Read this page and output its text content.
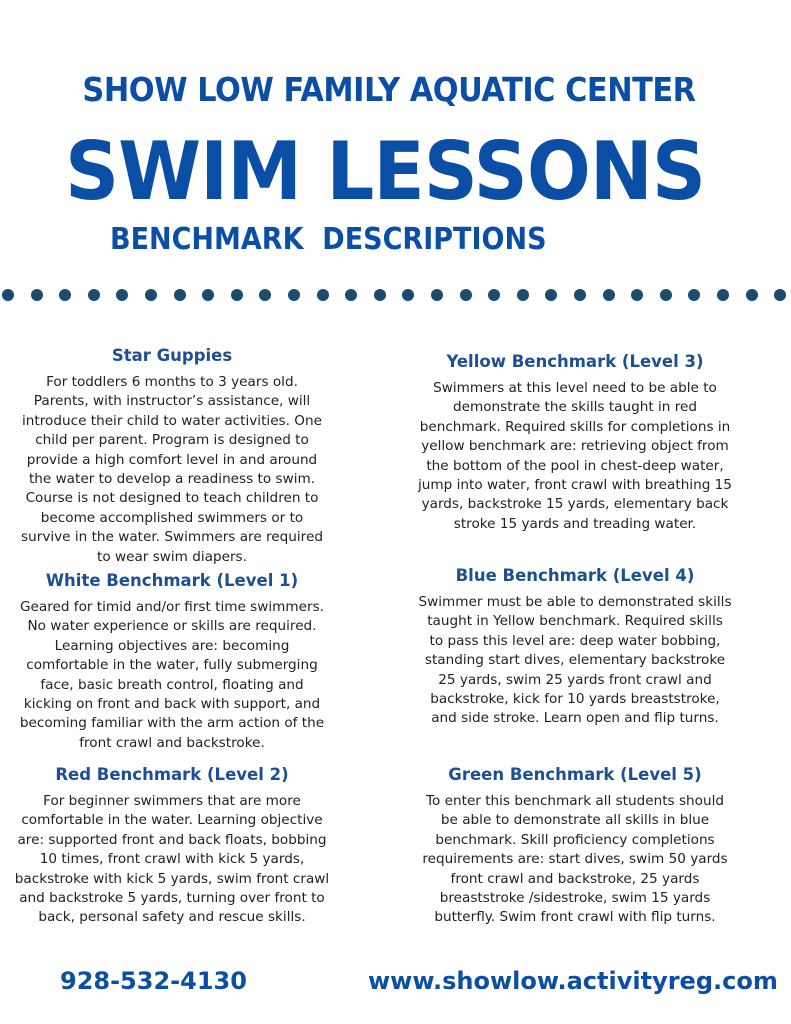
SHOW LOW FAMILY AQUATIC CENTER
SWIM LESSONS
BENCHMARK  DESCRIPTIONS
Star Guppies
For toddlers 6 months to 3 years old.
Parents, with instructor’s assistance, will
introduce their child to water activities. One
child per parent. Program is designed to
provide a high comfort level in and around
the water to develop a readiness to swim.
Course is not designed to teach children to
become accomplished swimmers or to
survive in the water. Swimmers are required
to wear swim diapers.
White Benchmark (Level 1)
Geared for timid and/or first time swimmers.
No water experience or skills are required.
Learning objectives are: becoming
comfortable in the water, fully submerging
face, basic breath control, floating and
kicking on front and back with support, and
becoming familiar with the arm action of the
front crawl and backstroke.
Red Benchmark (Level 2)
For beginner swimmers that are more
comfortable in the water. Learning objective
are: supported front and back floats, bobbing
10 times, front crawl with kick 5 yards,
backstroke with kick 5 yards, swim front crawl
and backstroke 5 yards, turning over front to
back, personal safety and rescue skills.
Yellow Benchmark (Level 3)
Swimmers at this level need to be able to
demonstrate the skills taught in red
benchmark. Required skills for completions in
yellow benchmark are: retrieving object from
the bottom of the pool in chest-deep water,
jump into water, front crawl with breathing 15
yards, backstroke 15 yards, elementary back
stroke 15 yards and treading water.
Blue Benchmark (Level 4)
Swimmer must be able to demonstrated skills
taught in Yellow benchmark. Required skills
to pass this level are: deep water bobbing,
standing start dives, elementary backstroke
25 yards, swim 25 yards front crawl and
backstroke, kick for 10 yards breaststroke,
and side stroke. Learn open and flip turns.
Green Benchmark (Level 5)
To enter this benchmark all students should
be able to demonstrate all skills in blue
benchmark. Skill proficiency completions
requirements are: start dives, swim 50 yards
front crawl and backstroke, 25 yards
breaststroke /sidestroke, swim 15 yards
butterfly. Swim front crawl with flip turns.
928-532-4130	www.showlow.activityreg.com
